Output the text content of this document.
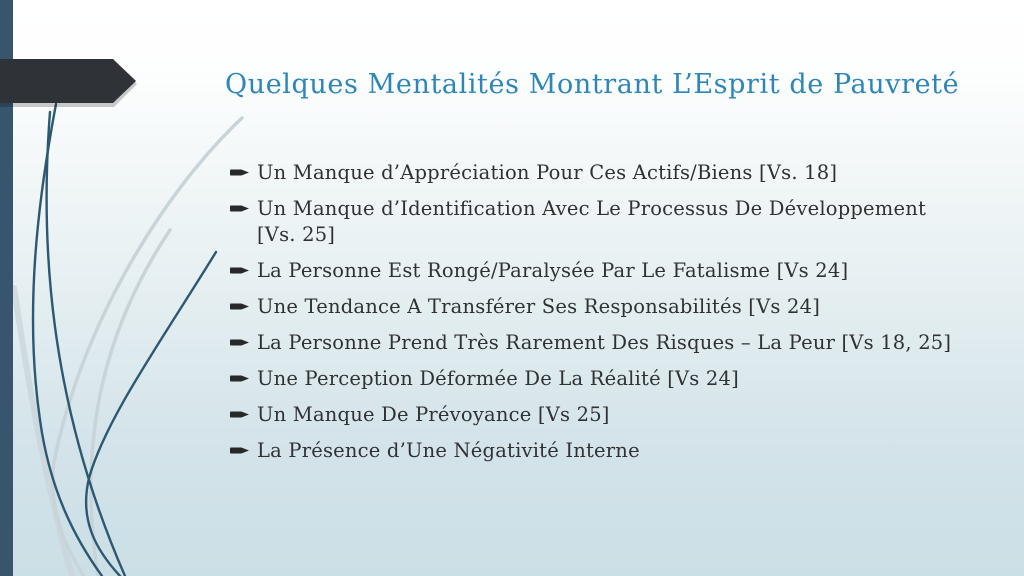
Quelques Mentalités Montrant L’Esprit de Pauvreté
Un Manque d’Appréciation Pour Ces Actifs/Biens [Vs. 18]
Un Manque d’Identification Avec Le Processus De Développement [Vs. 25]
La Personne Est Rongé/Paralysée Par Le Fatalisme [Vs 24]
Une Tendance A Transférer Ses Responsabilités [Vs 24]
La Personne Prend Très Rarement Des Risques – La Peur [Vs 18, 25]
Une Perception Déformée De La Réalité [Vs 24]
Un Manque De Prévoyance [Vs 25]
La Présence d’Une Négativité Interne
